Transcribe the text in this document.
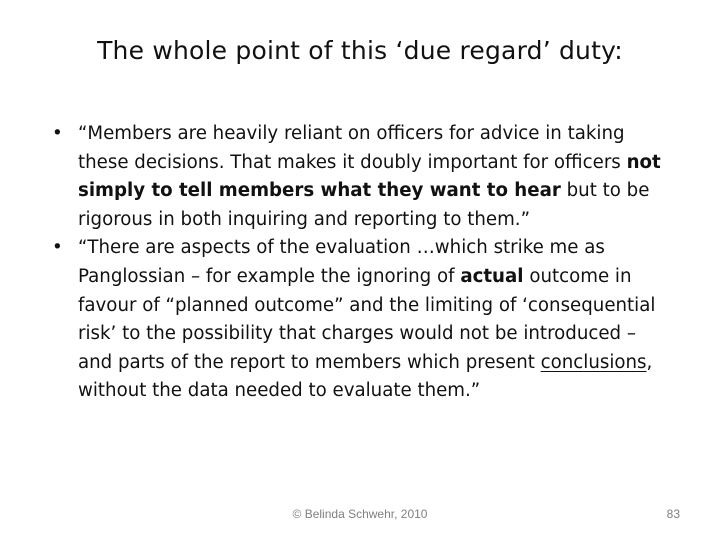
The whole point of this ‘due regard’ duty:
• “Members are heavily reliant on officers for advice in taking these decisions. That makes it doubly important for officers not simply to tell members what they want to hear but to be rigorous in both inquiring and reporting to them.”
• “There are aspects of the evaluation …which strike me as Panglossian – for example the ignoring of actual outcome in favour of “planned outcome” and the limiting of ‘consequential risk’ to the possibility that charges would not be introduced – and parts of the report to members which present conclusions, without the data needed to evaluate them.”
© Belinda Schwehr, 2010	83
